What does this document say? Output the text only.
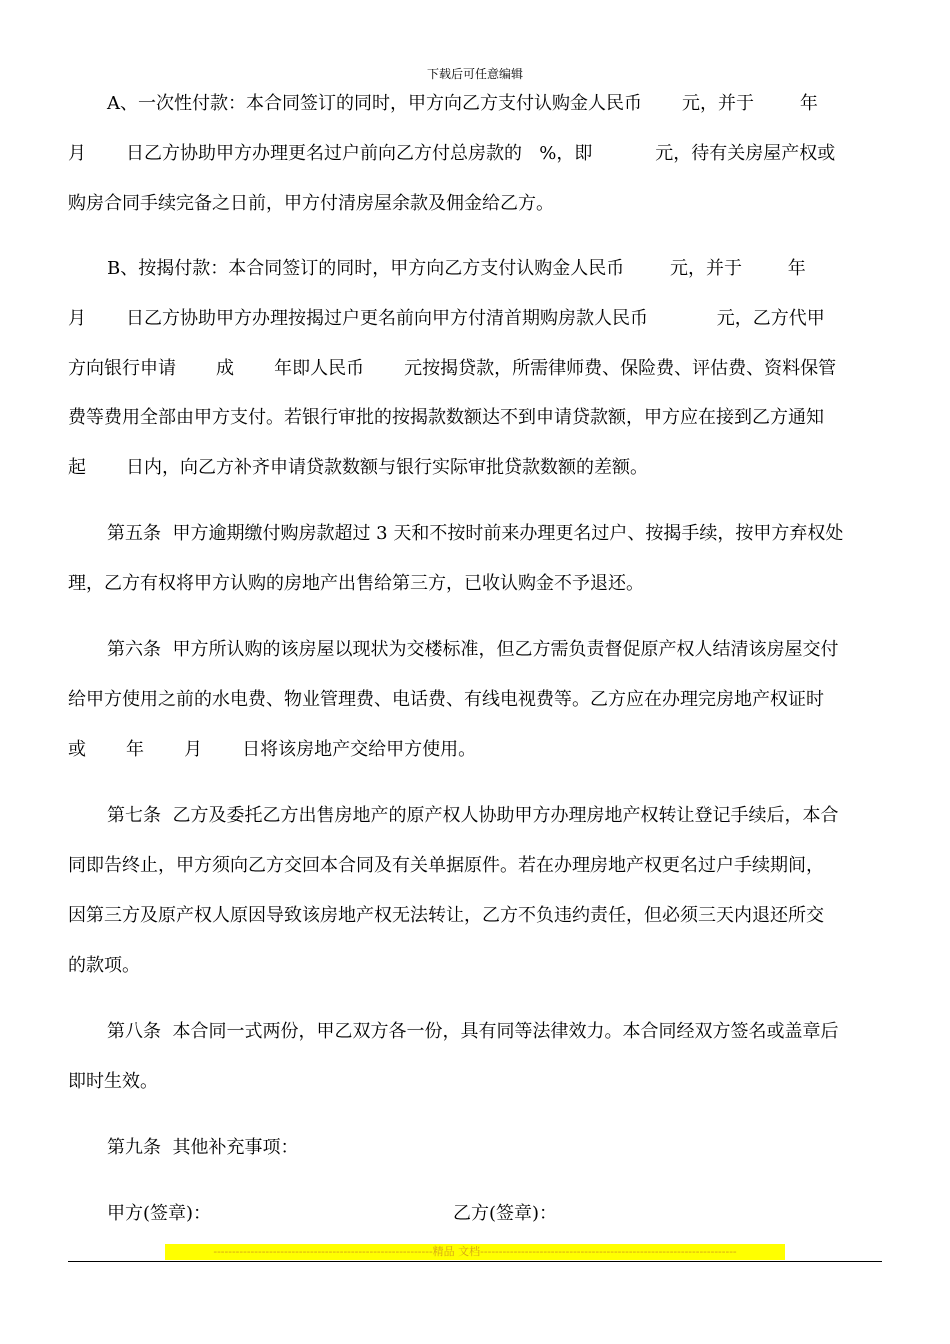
下载后可任意编辑
A、一次性付款：本合同签订的同时，甲方向乙方支付认购金人民币       元，并于        年
月       日乙方协助甲方办理更名过户前向乙方付总房款的   %，即           元，待有关房屋产权或
购房合同手续完备之日前，甲方付清房屋余款及佣金给乙方。
B、按揭付款：本合同签订的同时，甲方向乙方支付认购金人民币        元，并于        年
月       日乙方协助甲方办理按揭过户更名前向甲方付清首期购房款人民币            元，乙方代甲
方向银行申请       成       年即人民币       元按揭贷款，所需律师费、保险费、评估费、资料保管
费等费用全部由甲方支付。若银行审批的按揭款数额达不到申请贷款额，甲方应在接到乙方通知
起       日内，向乙方补齐申请贷款数额与银行实际审批贷款数额的差额。
第五条  甲方逾期缴付购房款超过 3 天和不按时前来办理更名过户、按揭手续，按甲方弃权处
理，乙方有权将甲方认购的房地产出售给第三方，已收认购金不予退还。
第六条  甲方所认购的该房屋以现状为交楼标准，但乙方需负责督促原产权人结清该房屋交付
给甲方使用之前的水电费、物业管理费、电话费、有线电视费等。乙方应在办理完房地产权证时
或       年       月       日将该房地产交给甲方使用。
第七条  乙方及委托乙方出售房地产的原产权人协助甲方办理房地产权转让登记手续后，本合
同即告终止，甲方须向乙方交回本合同及有关单据原件。若在办理房地产权更名过户手续期间，
因第三方及原产权人原因导致该房地产权无法转让，乙方不负违约责任，但必须三天内退还所交
的款项。
第八条  本合同一式两份，甲乙双方各一份，具有同等法律效力。本合同经双方签名或盖章后
即时生效。
第九条  其他补充事项：
甲方(签章)：	乙方(签章)：
-----------------------------------------------------------精品 文档---------------------------------------------------------------------
